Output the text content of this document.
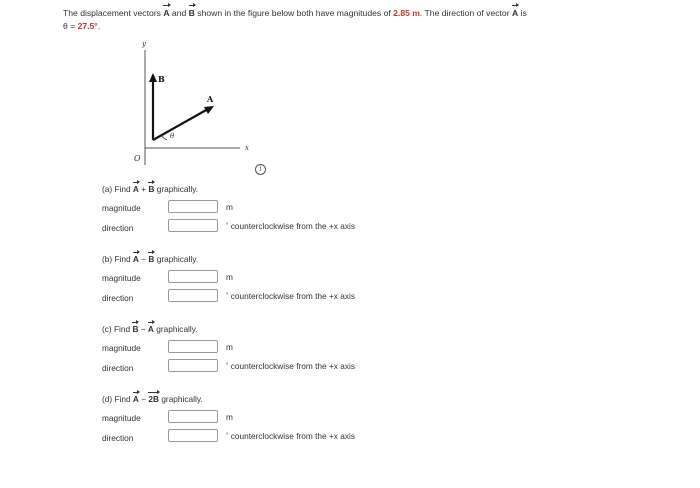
The displacement vectors A and B shown in the figure below both have magnitudes of 2.85 m. The direction of vector A is
θ = 27.5°.
y
x
O
B
A
θ
i
(a) Find A + B graphically.
magnitude	m
direction	° counterclockwise from the +x axis
(b) Find A − B graphically.
magnitude	m
direction	° counterclockwise from the +x axis
(c) Find B − A graphically.
magnitude	m
direction	° counterclockwise from the +x axis
(d) Find A − 2B graphically.
magnitude	m
direction	° counterclockwise from the +x axis
